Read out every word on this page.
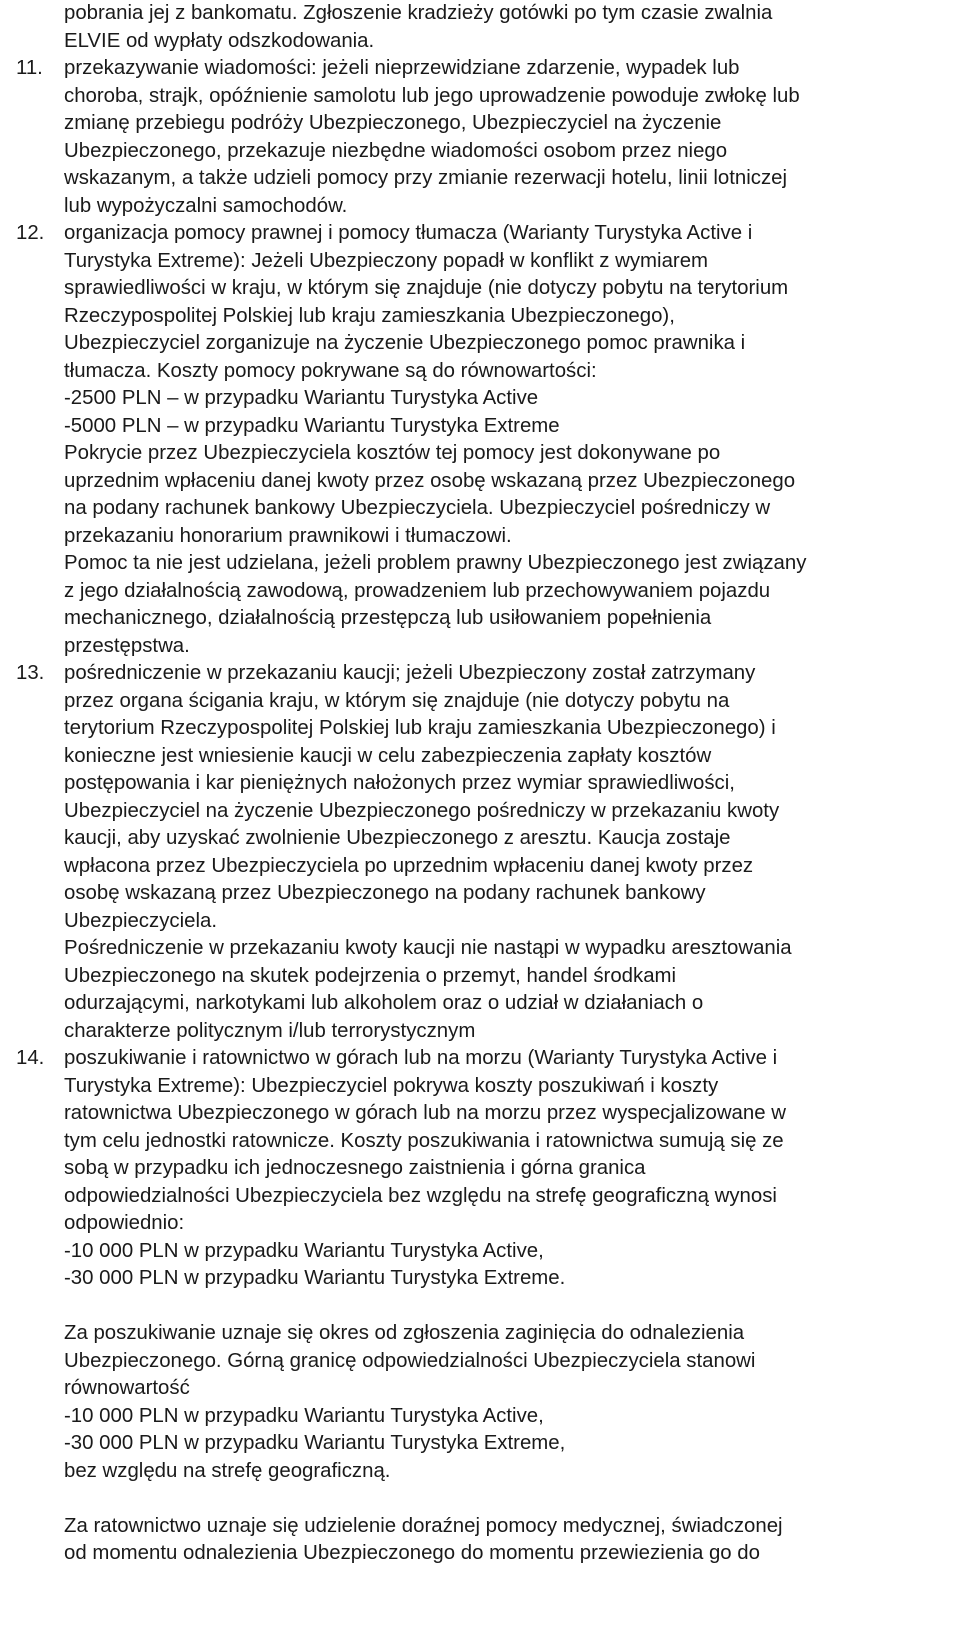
pobrania jej z bankomatu. Zgłoszenie kradzieży gotówki po tym czasie zwalnia
ELVIE od wypłaty odszkodowania.
11.	przekazywanie wiadomości: jeżeli nieprzewidziane zdarzenie, wypadek lub
choroba, strajk, opóźnienie samolotu lub jego uprowadzenie powoduje zwłokę lub
zmianę przebiegu podróży Ubezpieczonego, Ubezpieczyciel na życzenie
Ubezpieczonego, przekazuje niezbędne wiadomości osobom przez niego
wskazanym, a także udzieli pomocy przy zmianie rezerwacji hotelu, linii lotniczej
lub wypożyczalni samochodów.
12. organizacja pomocy prawnej i pomocy tłumacza (Warianty Turystyka Active i
Turystyka Extreme): Jeżeli Ubezpieczony popadł w konflikt z wymiarem
sprawiedliwości w kraju, w którym się znajduje (nie dotyczy pobytu na terytorium
Rzeczypospolitej Polskiej lub kraju zamieszkania Ubezpieczonego),
Ubezpieczyciel zorganizuje na życzenie Ubezpieczonego pomoc prawnika i
tłumacza. Koszty pomocy pokrywane są do równowartości:
-2500 PLN – w przypadku Wariantu Turystyka Active
-5000 PLN – w przypadku Wariantu Turystyka Extreme
Pokrycie przez Ubezpieczyciela kosztów tej pomocy jest dokonywane po
uprzednim wpłaceniu danej kwoty przez osobę wskazaną przez Ubezpieczonego
na podany rachunek bankowy Ubezpieczyciela. Ubezpieczyciel pośredniczy w
przekazaniu honorarium prawnikowi i tłumaczowi.
Pomoc ta nie jest udzielana, jeżeli problem prawny Ubezpieczonego jest związany
z jego działalnością zawodową, prowadzeniem lub przechowywaniem pojazdu
mechanicznego, działalnością przestępczą lub usiłowaniem popełnienia
przestępstwa.
13. pośredniczenie w przekazaniu kaucji; jeżeli Ubezpieczony został zatrzymany
przez organa ścigania kraju, w którym się znajduje (nie dotyczy pobytu na
terytorium Rzeczypospolitej Polskiej lub kraju zamieszkania Ubezpieczonego) i
konieczne jest wniesienie kaucji w celu zabezpieczenia zapłaty kosztów
postępowania i kar pieniężnych nałożonych przez wymiar sprawiedliwości,
Ubezpieczyciel na życzenie Ubezpieczonego pośredniczy w przekazaniu kwoty
kaucji, aby uzyskać zwolnienie Ubezpieczonego z aresztu. Kaucja zostaje
wpłacona przez Ubezpieczyciela po uprzednim wpłaceniu danej kwoty przez
osobę wskazaną przez Ubezpieczonego na podany rachunek bankowy
Ubezpieczyciela.
Pośredniczenie w przekazaniu kwoty kaucji nie nastąpi w wypadku aresztowania
Ubezpieczonego na skutek podejrzenia o przemyt, handel środkami
odurzającymi, narkotykami lub alkoholem oraz o udział w działaniach o
charakterze politycznym i/lub terrorystycznym
14. poszukiwanie i ratownictwo w górach lub na morzu (Warianty Turystyka Active i
Turystyka Extreme): Ubezpieczyciel pokrywa koszty poszukiwań i koszty
ratownictwa Ubezpieczonego w górach lub na morzu przez wyspecjalizowane w
tym celu jednostki ratownicze. Koszty poszukiwania i ratownictwa sumują się ze
sobą w przypadku ich jednoczesnego zaistnienia i górna granica
odpowiedzialności Ubezpieczyciela bez względu na strefę geograficzną wynosi
odpowiednio:
-10 000 PLN w przypadku Wariantu Turystyka Active,
-30 000 PLN w przypadku Wariantu Turystyka Extreme.
Za poszukiwanie uznaje się okres od zgłoszenia zaginięcia do odnalezienia
Ubezpieczonego. Górną granicę odpowiedzialności Ubezpieczyciela stanowi
równowartość
-10 000 PLN w przypadku Wariantu Turystyka Active,
-30 000 PLN w przypadku Wariantu Turystyka Extreme,
bez względu na strefę geograficzną.
Za ratownictwo uznaje się udzielenie doraźnej pomocy medycznej, świadczonej
od momentu odnalezienia Ubezpieczonego do momentu przewiezienia go do
